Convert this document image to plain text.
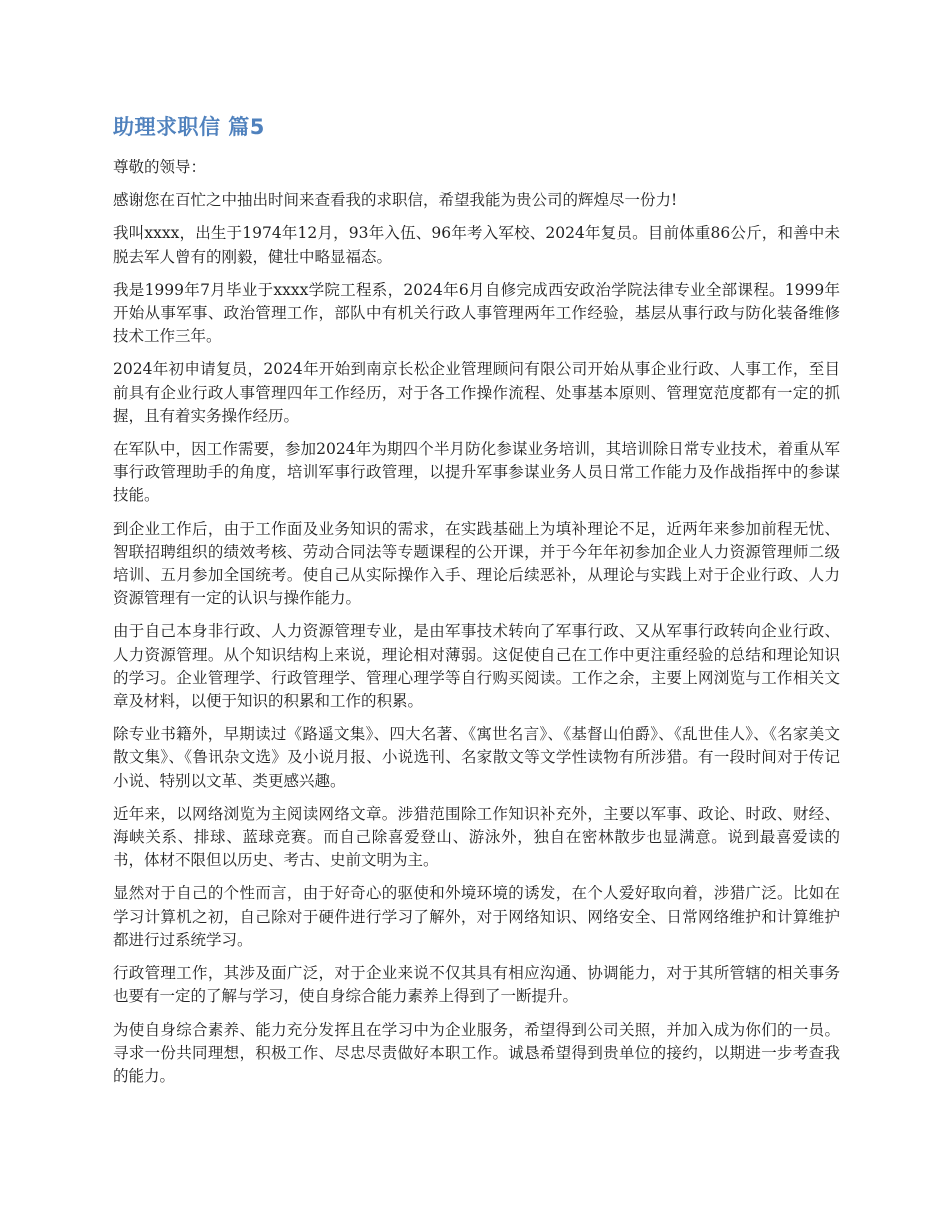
助理求职信 篇5

尊敬的领导：

感谢您在百忙之中抽出时间来查看我的求职信，希望我能为贵公司的辉煌尽一份力!

我叫xxxx，出生于1974年12月，93年入伍、96年考入军校、2024年复员。目前体重86公斤，和善中未脱去军人曾有的刚毅，健壮中略显福态。

我是1999年7月毕业于xxxx学院工程系，2024年6月自修完成西安政治学院法律专业全部课程。1999年开始从事军事、政治管理工作，部队中有机关行政人事管理两年工作经验，基层从事行政与防化装备维修技术工作三年。

2024年初申请复员，2024年开始到南京长松企业管理顾问有限公司开始从事企业行政、人事工作，至目前具有企业行政人事管理四年工作经历，对于各工作操作流程、处事基本原则、管理宽范度都有一定的抓握，且有着实务操作经历。

在军队中，因工作需要，参加2024年为期四个半月防化参谋业务培训，其培训除日常专业技术，着重从军事行政管理助手的角度，培训军事行政管理，以提升军事参谋业务人员日常工作能力及作战指挥中的参谋技能。

到企业工作后，由于工作面及业务知识的需求，在实践基础上为填补理论不足，近两年来参加前程无忧、智联招聘组织的绩效考核、劳动合同法等专题课程的公开课，并于今年年初参加企业人力资源管理师二级培训、五月参加全国统考。使自己从实际操作入手、理论后续恶补，从理论与实践上对于企业行政、人力资源管理有一定的认识与操作能力。

由于自己本身非行政、人力资源管理专业，是由军事技术转向了军事行政、又从军事行政转向企业行政、人力资源管理。从个知识结构上来说，理论相对薄弱。这促使自己在工作中更注重经验的总结和理论知识的学习。企业管理学、行政管理学、管理心理学等自行购买阅读。工作之余，主要上网浏览与工作相关文章及材料，以便于知识的积累和工作的积累。

除专业书籍外，早期读过《路遥文集》、四大名著、《寓世名言》、《基督山伯爵》、《乱世佳人》、《名家美文散文集》、《鲁讯杂文选》及小说月报、小说选刊、名家散文等文学性读物有所涉猎。有一段时间对于传记小说、特别以文革、类更感兴趣。

近年来，以网络浏览为主阅读网络文章。涉猎范围除工作知识补充外，主要以军事、政论、时政、财经、海峡关系、排球、蓝球竞赛。而自己除喜爱登山、游泳外，独自在密林散步也显满意。说到最喜爱读的书，体材不限但以历史、考古、史前文明为主。

显然对于自己的个性而言，由于好奇心的驱使和外境环境的诱发，在个人爱好取向着，涉猎广泛。比如在学习计算机之初，自己除对于硬件进行学习了解外，对于网络知识、网络安全、日常网络维护和计算维护都进行过系统学习。

行政管理工作，其涉及面广泛，对于企业来说不仅其具有相应沟通、协调能力，对于其所管辖的相关事务也要有一定的了解与学习，使自身综合能力素养上得到了一断提升。

为使自身综合素养、能力充分发挥且在学习中为企业服务，希望得到公司关照，并加入成为你们的一员。寻求一份共同理想，积极工作、尽忠尽责做好本职工作。诚恳希望得到贵单位的接约，以期进一步考查我的能力。
